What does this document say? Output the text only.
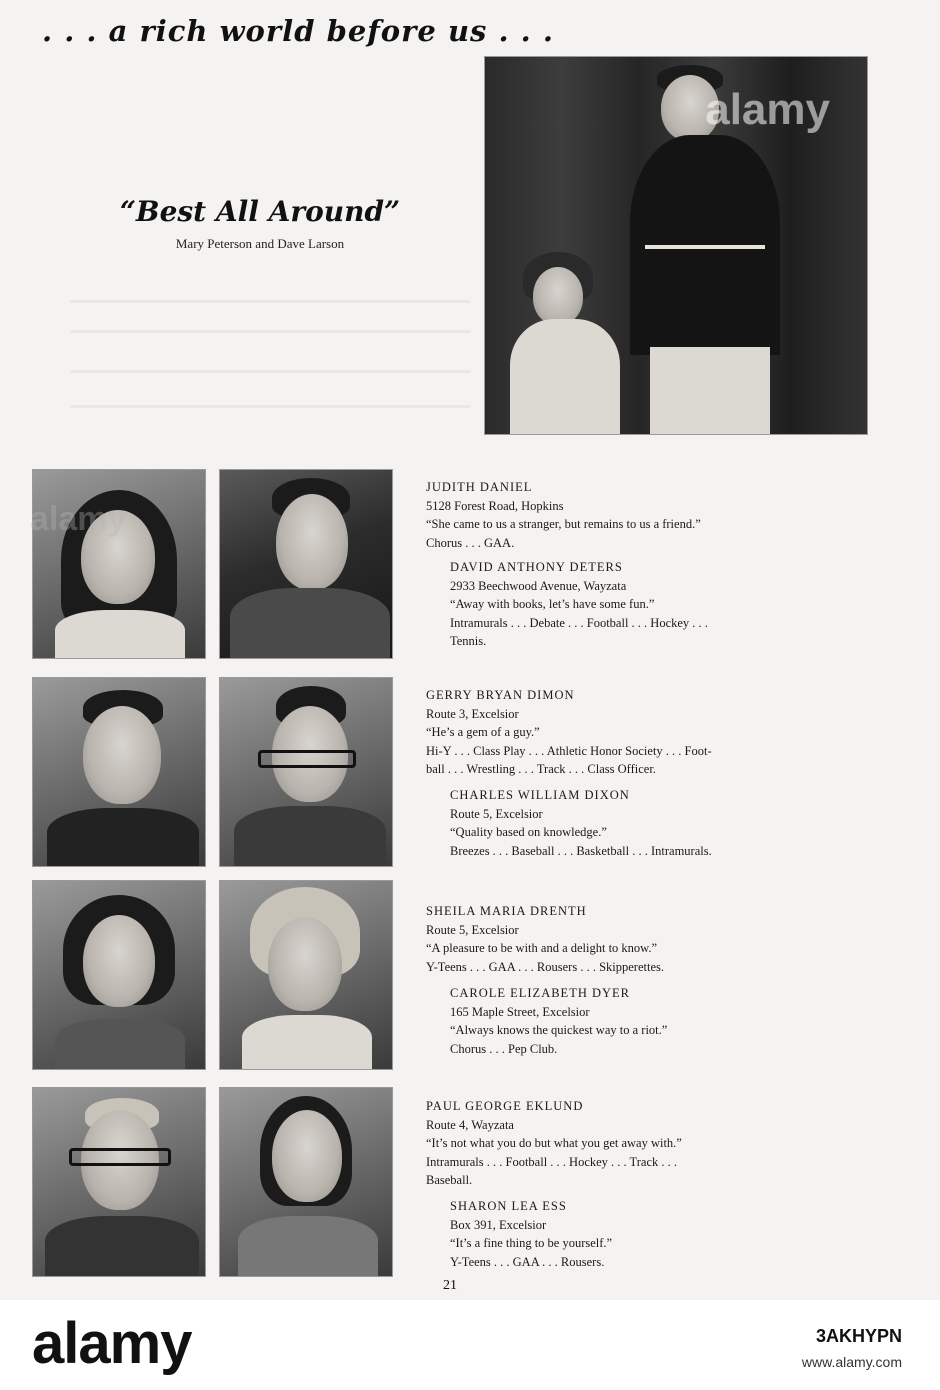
. . . a rich world before us . . .
“Best All Around”
Mary Peterson and Dave Larson
JUDITH DANIEL
5128 Forest Road, Hopkins
“She came to us a stranger, but remains to us a friend.”
Chorus . . . GAA.
DAVID ANTHONY DETERS
2933 Beechwood Avenue, Wayzata
“Away with books, let’s have some fun.”
Intramurals . . . Debate . . . Football . . . Hockey . . .
Tennis.
GERRY BRYAN DIMON
Route 3, Excelsior
“He’s a gem of a guy.”
Hi-Y . . . Class Play . . . Athletic Honor Society . . . Foot-
ball . . . Wrestling . . . Track . . . Class Officer.
CHARLES WILLIAM DIXON
Route 5, Excelsior
“Quality based on knowledge.”
Breezes . . . Baseball . . . Basketball . . . Intramurals.
SHEILA MARIA DRENTH
Route 5, Excelsior
“A pleasure to be with and a delight to know.”
Y-Teens . . . GAA . . . Rousers . . . Skipperettes.
CAROLE ELIZABETH DYER
165 Maple Street, Excelsior
“Always knows the quickest way to a riot.”
Chorus . . . Pep Club.
PAUL GEORGE EKLUND
Route 4, Wayzata
“It’s not what you do but what you get away with.”
Intramurals . . . Football . . . Hockey . . . Track . . .
Baseball.
SHARON LEA ESS
Box 391, Excelsior
“It’s a fine thing to be yourself.”
Y-Teens . . . GAA . . . Rousers.
21
alamy
alamy
alamy	3AKHYPN
www.alamy.com
